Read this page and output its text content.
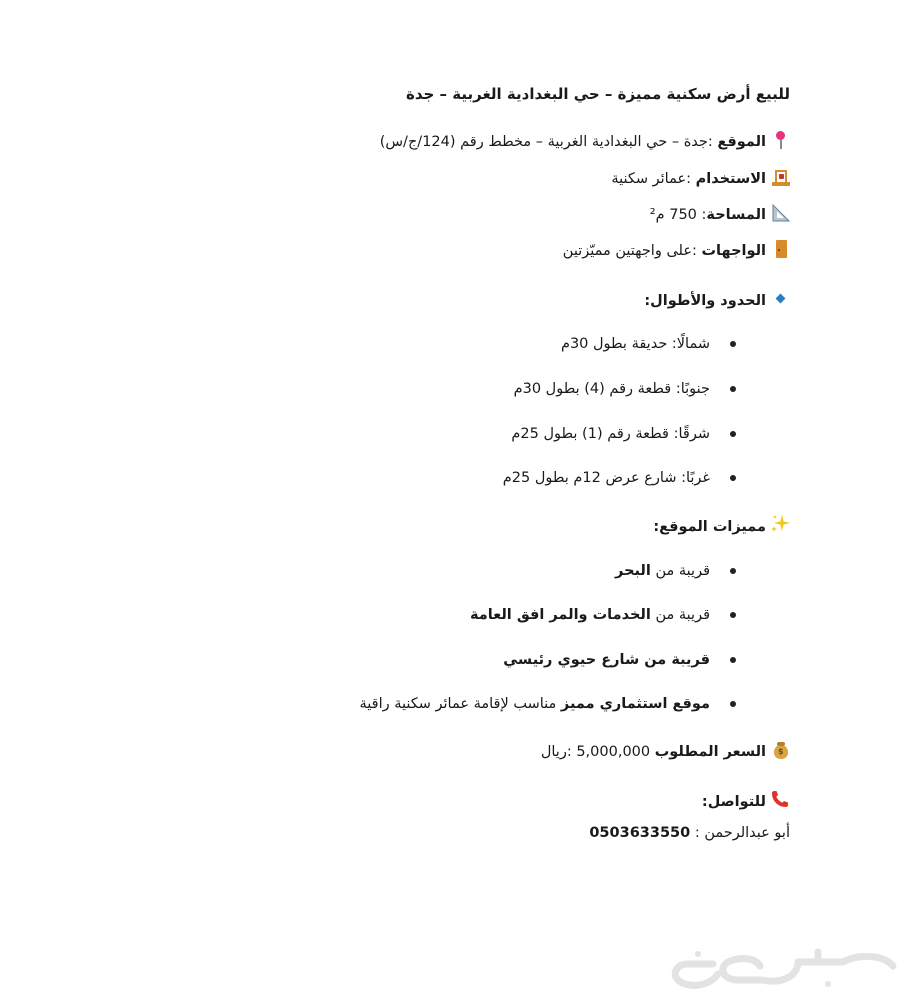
للبيع أرض سكنية مميزة – حي البغدادية الغربية – جدة
الموقع :جدة – حي البغدادية الغربية – مخطط رقم (124/ج/س)
الاستخدام :عمائر سكنية
المساحة: 750 م²
الواجهات :على واجهتين مميّزتين
الحدود والأطوال:
شمالًا: حديقة بطول 30م
جنوبًا: قطعة رقم (4) بطول 30م
شرقًا: قطعة رقم (1) بطول 25م
غربًا: شارع عرض 12م بطول 25م
مميزات الموقع:
قريبة من البحر
قريبة من الخدمات والمر افق العامة
قريبة من شارع حيوي رئيسي
موقع استثماري مميز مناسب لإقامة عمائر سكنية راقية
$
السعر المطلوب 5,000,000 :ريال
للتواصل:
أبو عبدالرحمن : 0503633550
